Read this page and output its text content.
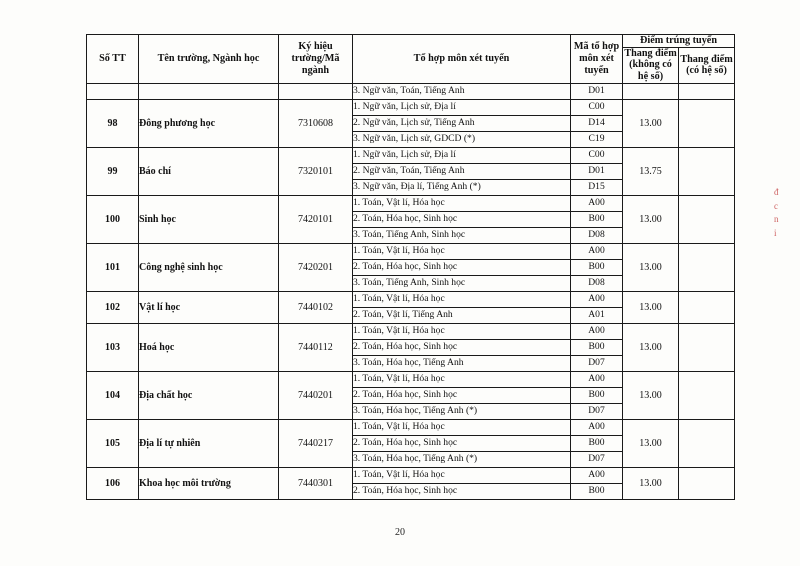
Số TT	Tên trường, Ngành học	Ký hiệu trường/Mã ngành	Tổ hợp môn xét tuyển	Mã tổ hợp môn xét tuyển	Điểm trúng tuyển	
					Thang điểm (không có hệ số)	Thang điểm (có hệ số)
			3. Ngữ văn, Toán, Tiếng Anh	D01		
98	Đông phương học	7310608	1. Ngữ văn, Lịch sử, Địa lí	C00	13.00	
			2. Ngữ văn, Lịch sử, Tiếng Anh	D14		
			3. Ngữ văn, Lịch sử, GDCD (*)	C19		
99	Báo chí	7320101	1. Ngữ văn, Lịch sử, Địa lí	C00	13.75	
			2. Ngữ văn, Toán, Tiếng Anh	D01		
			3. Ngữ văn, Địa lí, Tiếng Anh (*)	D15		
100	Sinh học	7420101	1. Toán, Vật lí, Hóa học	A00	13.00	
			2. Toán, Hóa học, Sinh học	B00		
			3. Toán, Tiếng Anh, Sinh học	D08		
101	Công nghệ sinh học	7420201	1. Toán, Vật lí, Hóa học	A00	13.00	
			2. Toán, Hóa học, Sinh học	B00		
			3. Toán, Tiếng Anh, Sinh học	D08		
102	Vật lí học	7440102	1. Toán, Vật lí, Hóa học	A00	13.00	
			2. Toán, Vật lí, Tiếng Anh	A01		
103	Hoá học	7440112	1. Toán, Vật lí, Hóa học	A00	13.00	
			2. Toán, Hóa học, Sinh học	B00		
			3. Toán, Hóa học, Tiếng Anh	D07		
104	Địa chất học	7440201	1. Toán, Vật lí, Hóa học	A00	13.00	
			2. Toán, Hóa học, Sinh học	B00		
			3. Toán, Hóa học, Tiếng Anh (*)	D07		
105	Địa lí tự nhiên	7440217	1. Toán, Vật lí, Hóa học	A00	13.00	
			2. Toán, Hóa học, Sinh học	B00		
			3. Toán, Hóa học, Tiếng Anh (*)	D07		
106	Khoa học môi trường	7440301	1. Toán, Vật lí, Hóa học	A00	13.00	
			2. Toán, Hóa học, Sinh học	B00		
20
đ
c
n
i
